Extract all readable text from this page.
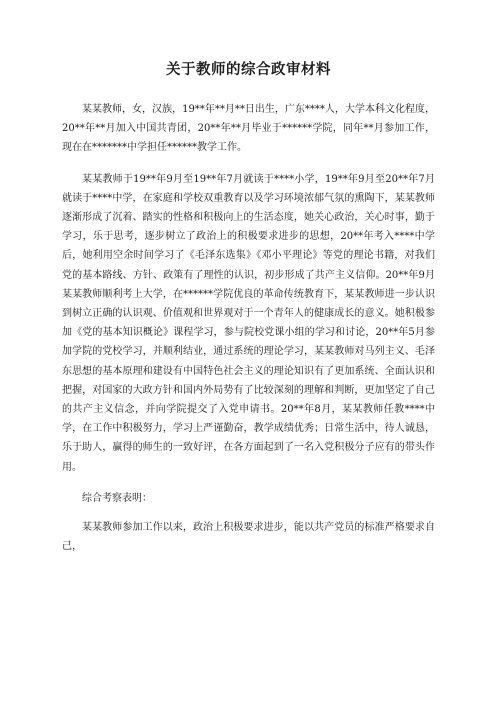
关于教师的综合政审材料

某某教师，女，汉族，19**年**月**日出生，广东****人，大学本科文化程度，20**年**月加入中国共青团，20**年**月毕业于******学院，同年**月参加工作，现在在*******中学担任******教学工作。

某某教师于19**年9月至19**年7月就读于****小学，19**年9月至20**年7月就读于****中学，在家庭和学校双重教育以及学习环境浓郁气氛的熏陶下，某某教师逐渐形成了沉着、踏实的性格和积极向上的生活态度，她关心政治，关心时事，勤于学习，乐于思考，逐步树立了政治上的积极要求进步的思想，20**年考入****中学后，她利用空余时间学习了《毛泽东选集》《邓小平理论》等党的理论书籍，对我们党的基本路线、方针、政策有了理性的认识，初步形成了共产主义信仰。20**年9月某某教师顺利考上大学，在******学院优良的革命传统教育下，某某教师进一步认识到树立正确的认识观、价值观和世界观对于一个青年人的健康成长的意义。她积极参加《党的基本知识概论》课程学习，参与院校党课小组的学习和讨论，20**年5月参加学院的党校学习，并顺利结业，通过系统的理论学习，某某教师对马列主义、毛泽东思想的基本原理和建设有中国特色社会主义的理论知识有了更加系统、全面认识和把握，对国家的大政方针和国内外局势有了比较深刻的理解和判断，更加坚定了自己的共产主义信念，并向学院提交了入党申请书。20**年8月，某某教师任教****中学，在工作中积极努力，学习上严谨勤奋，教学成绩优秀；日常生活中，待人诚恳，乐于助人，赢得的师生的一致好评，在各方面起到了一名入党积极分子应有的带头作用。

综合考察表明：

某某教师参加工作以来，政治上积极要求进步，能以共产党员的标准严格要求自己，
